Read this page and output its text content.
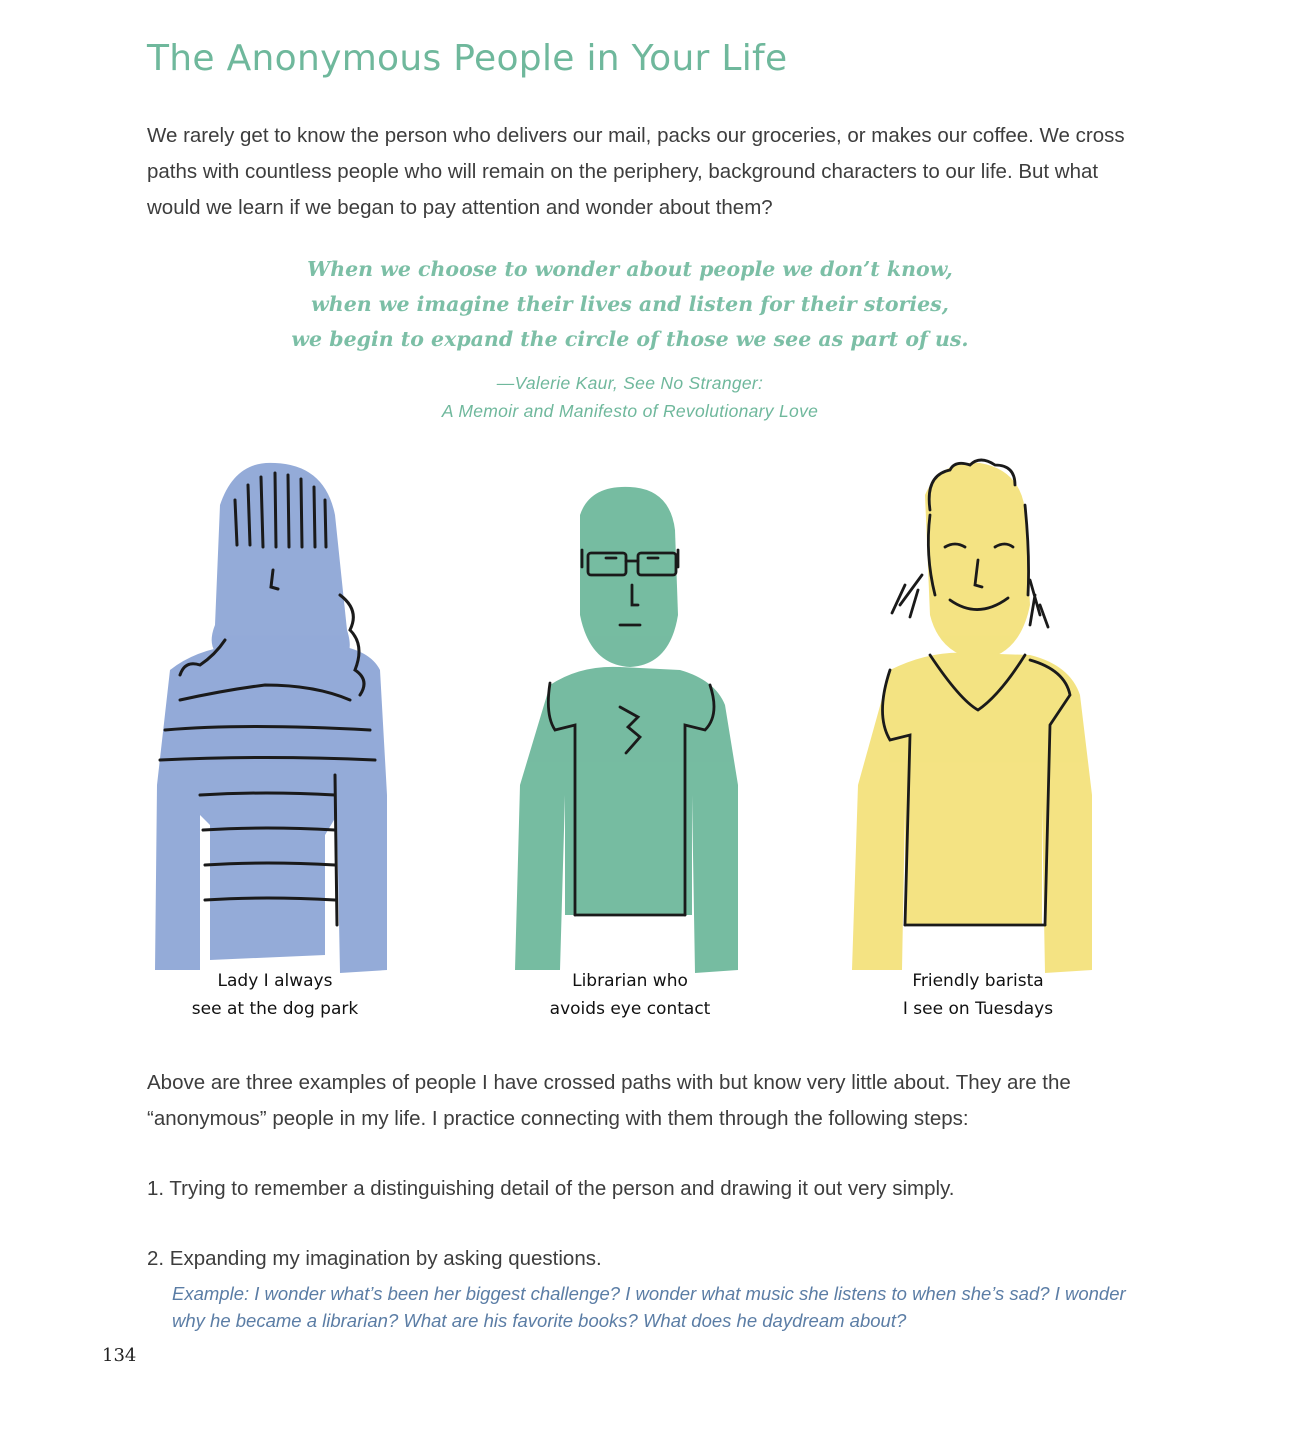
The Anonymous People in Your Life

We rarely get to know the person who delivers our mail, packs our groceries, or makes our coffee. We cross paths with countless people who will remain on the periphery, background characters to our life. But what would we learn if we began to pay attention and wonder about them?

When we choose to wonder about people we don’t know,
when we imagine their lives and listen for their stories,
we begin to expand the circle of those we see as part of us.
—Valerie Kaur, See No Stranger:
A Memoir and Manifesto of Revolutionary Love
Lady I always
see at the dog park
Librarian who
avoids eye contact
Friendly barista
I see on Tuesdays

Above are three examples of people I have crossed paths with but know very little about. They are the “anonymous” people in my life. I practice connecting with them through the following steps:

1. Trying to remember a distinguishing detail of the person and drawing it out very simply.

2. Expanding my imagination by asking questions.

Example: I wonder what’s been her biggest challenge? I wonder what music she listens to when she’s sad? I wonder why he became a librarian? What are his favorite books? What does he daydream about?

134
